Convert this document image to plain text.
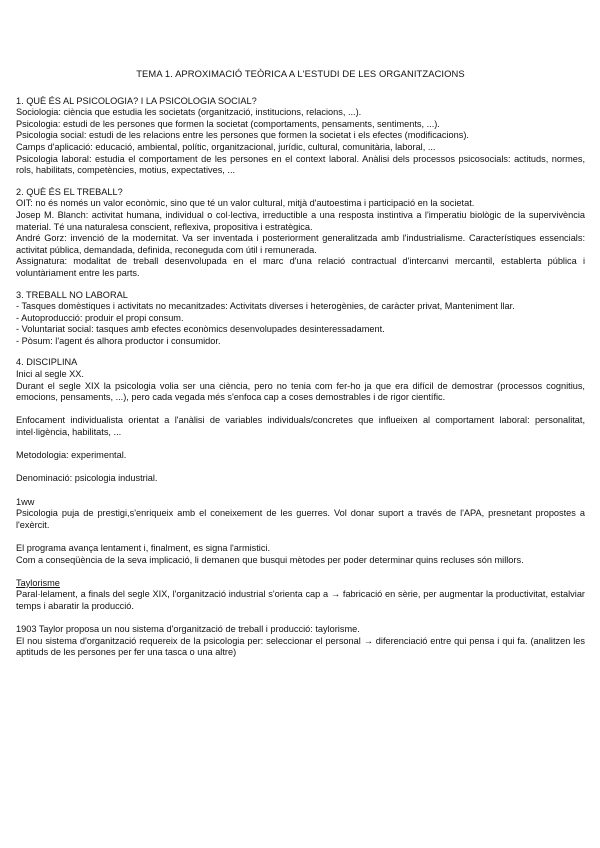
TEMA 1. APROXIMACIÓ TEÒRICA A L'ESTUDI DE LES ORGANITZACIONS

1. QUÈ ÉS AL PSICOLOGIA? I LA PSICOLOGIA SOCIAL?

Sociologia: ciència que estudia les societats (organització, institucions, relacions, ...).

Psicologia: estudi de les persones que formen la societat (comportaments, pensaments, sentiments, ...).

Psicologia social: estudi de les relacions entre les persones que formen la societat i els efectes (modificacions).

Camps d'aplicació: educació, ambiental, polític, organitzacional, jurídic, cultural, comunitària, laboral, ...

Psicologia laboral: estudia el comportament de les persones en el context laboral. Anàlisi dels processos psicosocials: actituds, normes, rols, habilitats, competències, motius, expectatives, ...

2. QUÈ ÉS EL TREBALL?

OIT: no és només un valor econòmic, sino que té un valor cultural, mitjà d'autoestima i participació en la societat.

Josep M. Blanch: activitat humana, individual o col·lectiva, irreductible a una resposta instintiva a l'imperatiu biològic de la supervivència material. Té una naturalesa conscient, reflexiva, propositiva i estratègica.

André Gorz: invenció de la modernitat. Va ser inventada i posteriorment generalitzada amb l'industrialisme. Característiques essencials: activitat pública, demandada, definida, reconeguda com útil i remunerada.

Assignatura: modalitat de treball desenvolupada en el marc d'una relació contractual d'intercanvi mercantil, establerta pública i voluntàriament entre les parts.

3. TREBALL NO LABORAL

- Tasques domèstiques i activitats no mecanitzades: Activitats diverses i heterogènies, de caràcter privat, Manteniment llar.

- Autoproducció: produir el propi consum.

- Voluntariat social: tasques amb efectes econòmics desenvolupades desinteressadament.

- Pòsum: l'agent és alhora productor i consumidor.

4. DISCIPLINA

Inici al segle XX.

Durant el segle XIX la psicologia volia ser una ciència, pero no tenia com fer-ho ja que era difícil de demostrar (processos cognitius, emocions, pensaments, ...), pero cada vegada més s'enfoca cap a coses demostrables i de rigor científic.

Enfocament individualista orientat a l'anàlisi de variables individuals/concretes que influeixen al comportament laboral: personalitat, intel·ligència, habilitats, ...

Metodologia: experimental.

Denominació: psicologia industrial.

1ww

Psicologia puja de prestigi,s'enriqueix amb el coneixement de les guerres. Vol donar suport a través de l'APA, presnetant propostes a l'exèrcit.

El programa avança lentament i, finalment, es signa l'armistici.

Com a conseqüència de la seva implicació, li demanen que busqui mètodes per poder determinar quins recluses són millors.

Taylorisme

Paral·lelament, a finals del segle XIX, l'organització industrial s'orienta cap a → fabricació en sèrie, per augmentar la productivitat, estalviar temps i abaratir la producció.

1903 Taylor proposa un nou sistema d'organització de treball i producció: taylorisme.

El nou sistema d'organització requereix de la psicologia per: seleccionar el personal → diferenciació entre qui pensa i qui fa. (analitzen les aptituds de les persones per fer una tasca o una altre)
